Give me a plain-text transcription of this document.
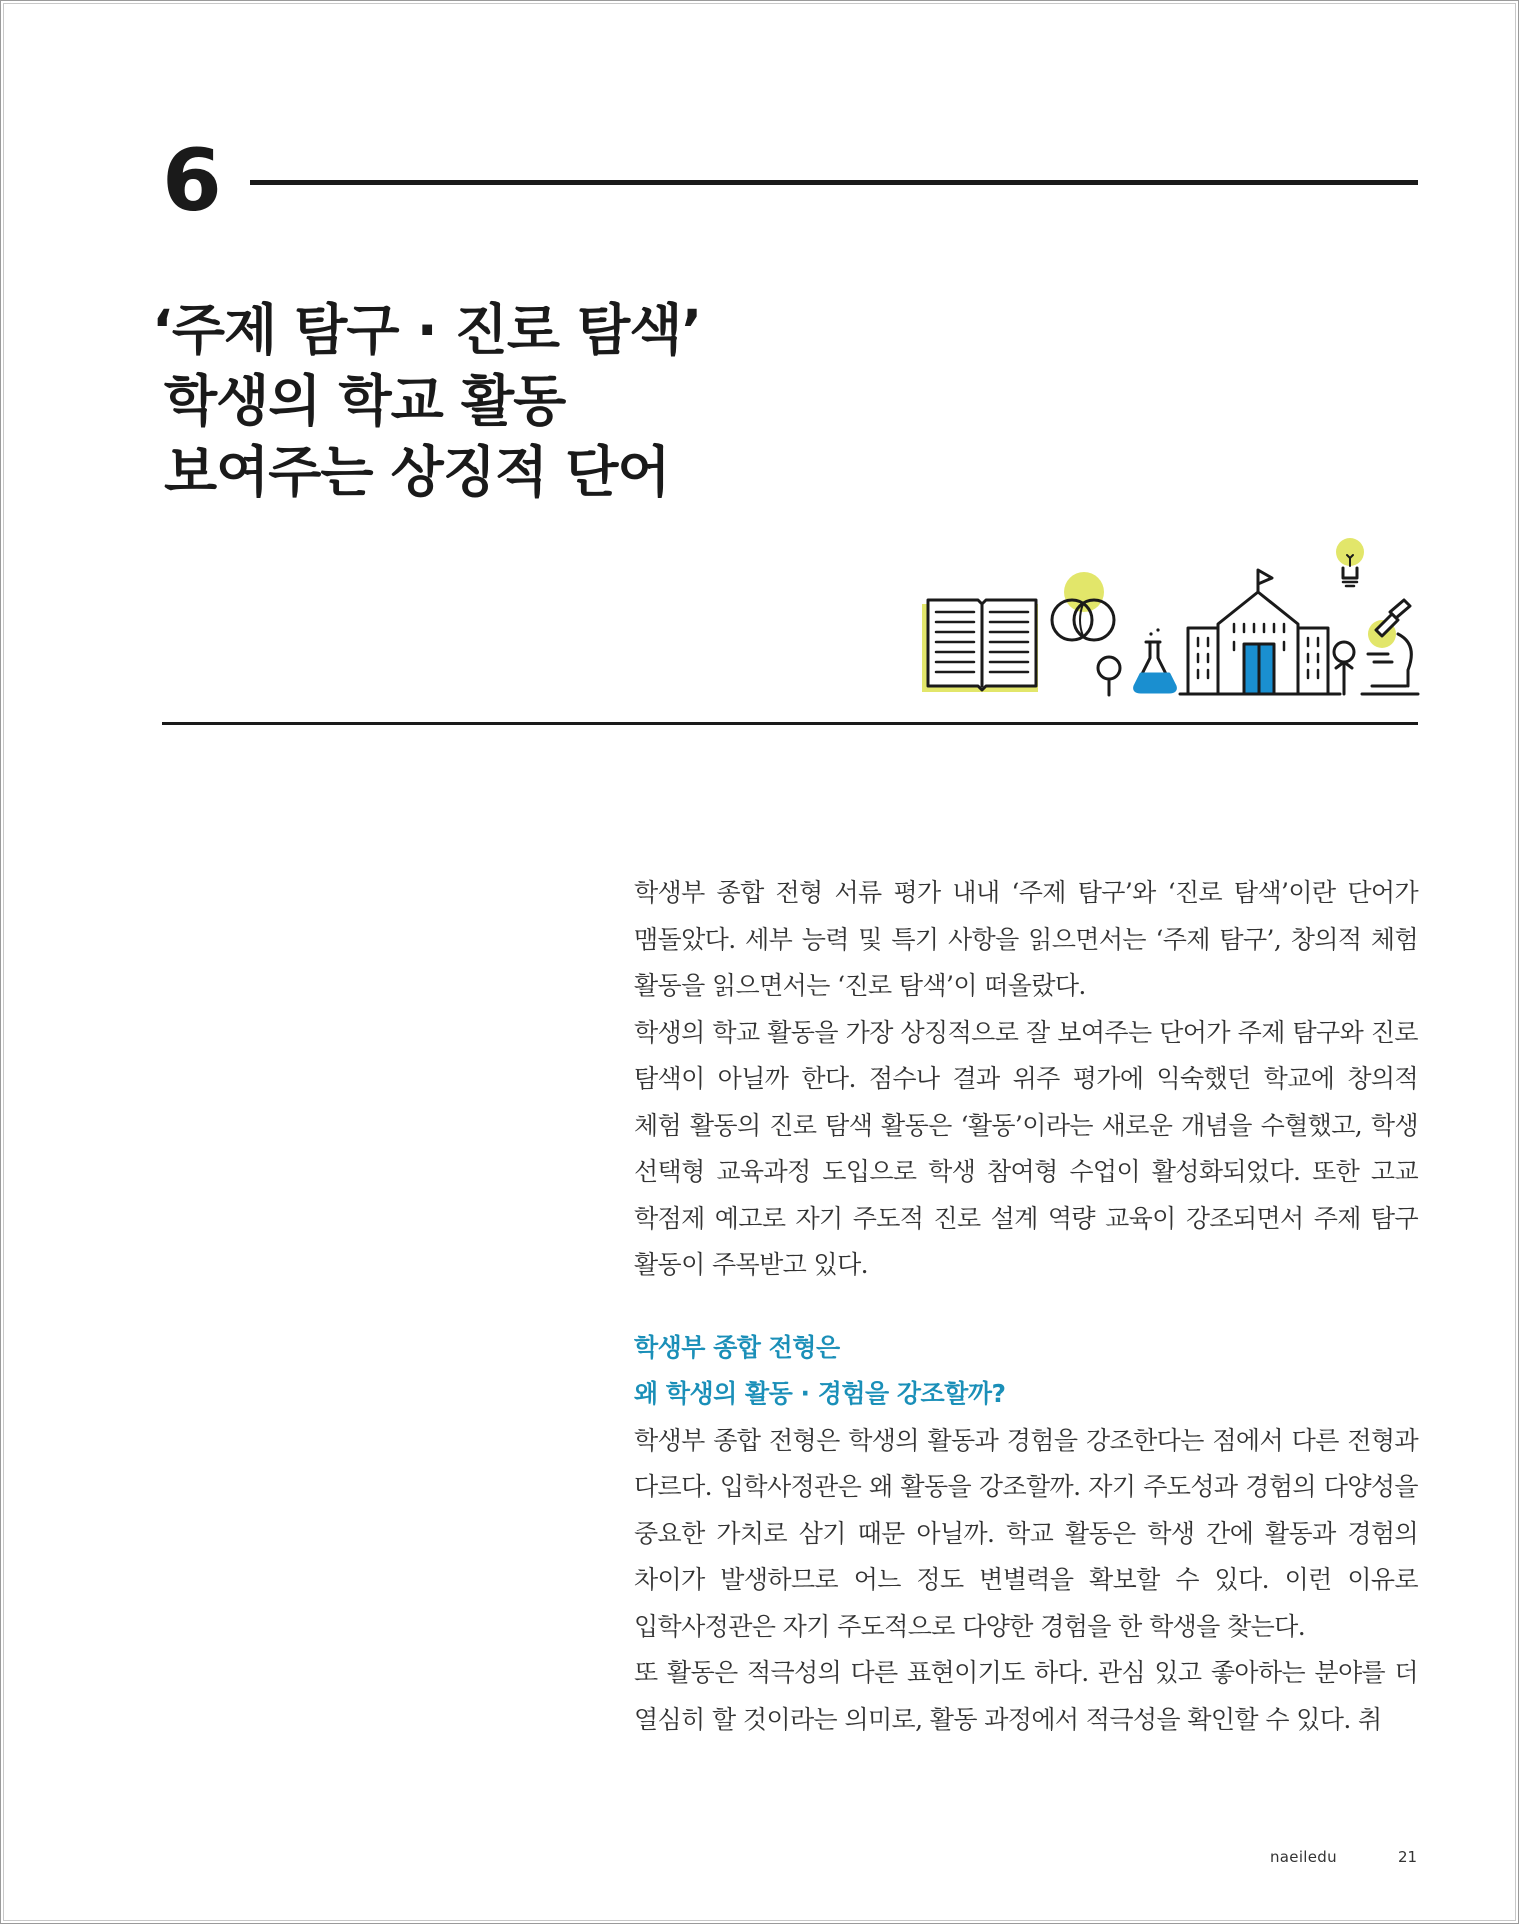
6
‘주제 탐구 · 진로 탐색’
학생의 학교 활동
보여주는 상징적 단어

학생부 종합 전형 서류 평가 내내 ‘주제 탐구’와 ‘진로 탐색’이란 단어가 맴돌았다. 세부 능력 및 특기 사항을 읽으면서는 ‘주제 탐구’, 창의적 체험 활동을 읽으면서는 ‘진로 탐색’이 떠올랐다.

학생의 학교 활동을 가장 상징적으로 잘 보여주는 단어가 주제 탐구와 진로 탐색이 아닐까 한다. 점수나 결과 위주 평가에 익숙했던 학교에 창의적 체험 활동의 진로 탐색 활동은 ‘활동’이라는 새로운 개념을 수혈했고, 학생 선택형 교육과정 도입으로 학생 참여형 수업이 활성화되었다. 또한 고교 학점제 예고로 자기 주도적 진로 설계 역량 교육이 강조되면서 주제 탐구 활동이 주목받고 있다.

학생부 종합 전형은
왜 학생의 활동 · 경험을 강조할까?

학생부 종합 전형은 학생의 활동과 경험을 강조한다는 점에서 다른 전형과 다르다. 입학사정관은 왜 활동을 강조할까. 자기 주도성과 경험의 다양성을 중요한 가치로 삼기 때문 아닐까. 학교 활동은 학생 간에 활동과 경험의 차이가 발생하므로 어느 정도 변별력을 확보할 수 있다. 이런 이유로 입학사정관은 자기 주도적으로 다양한 경험을 한 학생을 찾는다.

또 활동은 적극성의 다른 표현이기도 하다. 관심 있고 좋아하는 분야를 더 열심히 할 것이라는 의미로, 활동 과정에서 적극성을 확인할 수 있다. 취

naeiledu	21
